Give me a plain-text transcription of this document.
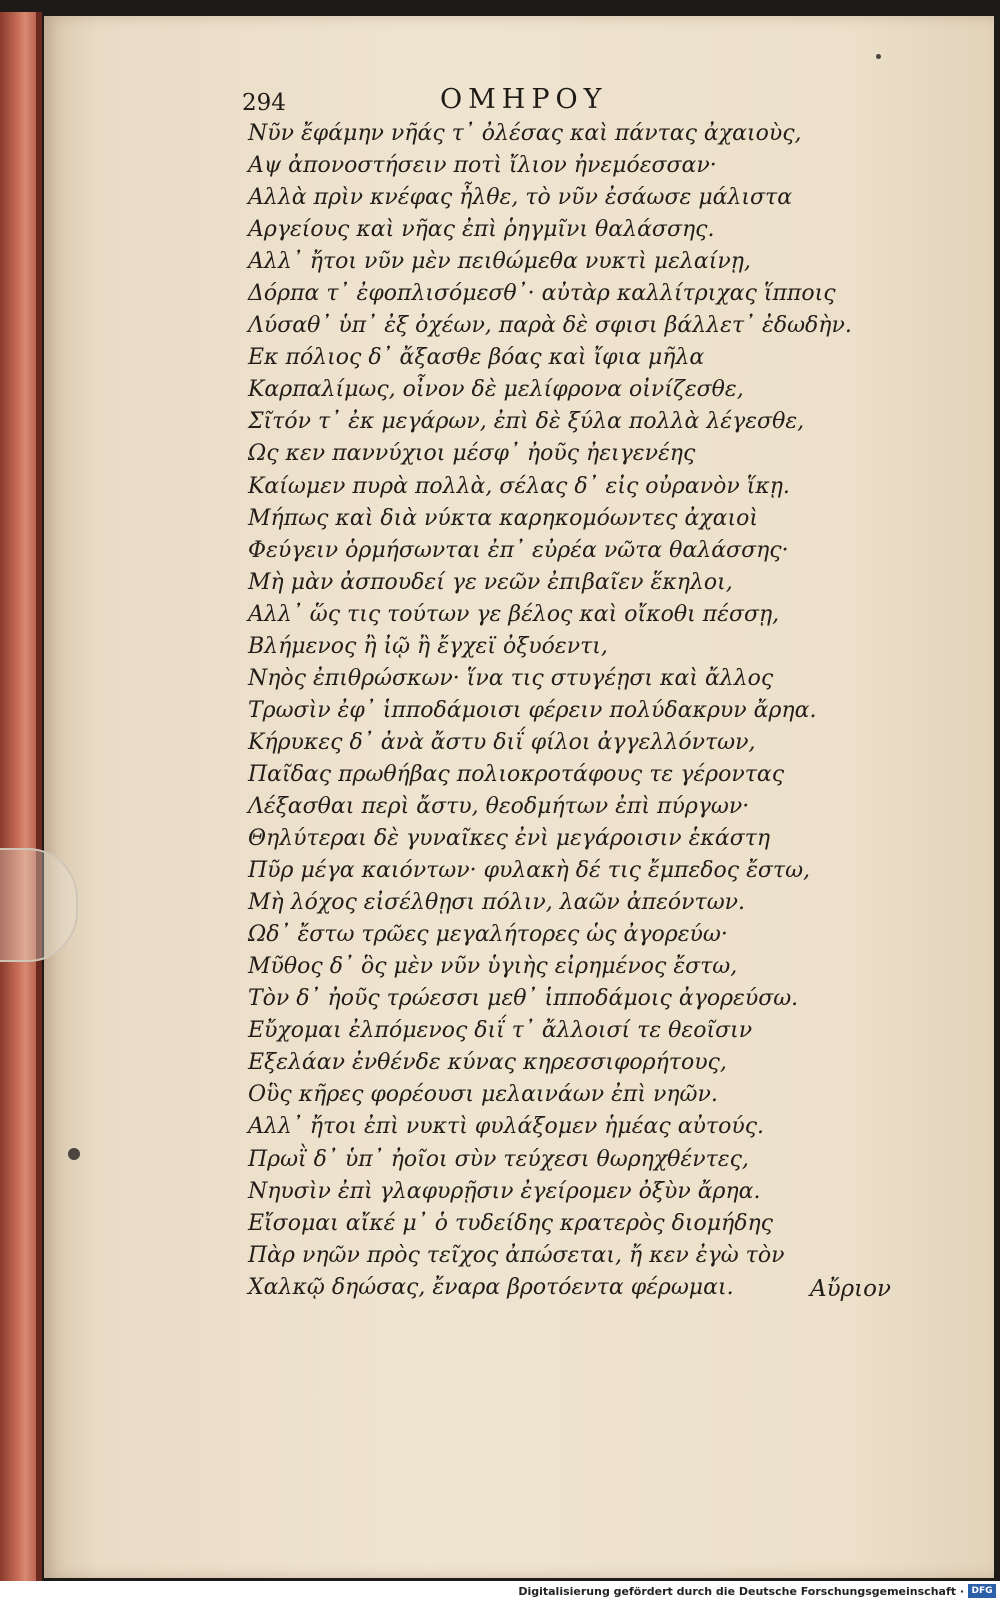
294	ΟΜΗΡΟΥ
Νῦν ἔφάμην νῆάς τ᾽ ὀλέσας καὶ πάντας ἀχαιοὺς,
Αψ ἀπονοστήσειν ποτὶ ἴλιον ἠνεμόεσσαν·
Αλλὰ πρὶν κνέφας ἦλθε, τὸ νῦν ἐσάωσε μάλιστα
Αργείους καὶ νῆας ἐπὶ ῥηγμῖνι θαλάσσης.
Αλλ᾽ ἤτοι νῦν μὲν πειθώμεθα νυκτὶ μελαίνῃ,
Δόρπα τ᾽ ἐφοπλισόμεσθ᾽· αὐτὰρ καλλίτριχας ἵπποις
Λύσαθ᾽ ὑπ᾽ ἐξ ὀχέων, παρὰ δὲ σφισι βάλλετ᾽ ἐδωδὴν.
Εκ πόλιος δ᾽ ἄξασθε βόας καὶ ἴφια μῆλα
Καρπαλίμως, οἶνον δὲ μελίφρονα οἰνίζεσθε,
Σῖτόν τ᾽ ἐκ μεγάρων, ἐπὶ δὲ ξύλα πολλὰ λέγεσθε,
Ως κεν παννύχιοι μέσφ᾽ ἠοῦς ἠειγενέης
Καίωμεν πυρὰ πολλὰ, σέλας δ᾽ εἰς οὐρανὸν ἵκῃ.
Μήπως καὶ διὰ νύκτα καρηκομόωντες ἀχαιοὶ
Φεύγειν ὁρμήσωνται ἐπ᾽ εὐρέα νῶτα θαλάσσης·
Μὴ μὰν ἀσπουδεί γε νεῶν ἐπιβαῖεν ἕκηλοι,
Αλλ᾽ ὥς τις τούτων γε βέλος καὶ οἴκοθι πέσσῃ,
Βλήμενος ἢ ἰῷ ἢ ἔγχεϊ ὀξυόεντι,
Νηὸς ἐπιθρώσκων· ἵνα τις στυγέῃσι καὶ ἄλλος
Τρωσὶν ἐφ᾽ ἱπποδάμοισι φέρειν πολύδακρυν ἄρηα.
Κήρυκες δ᾽ ἀνὰ ἄστυ διΐ φίλοι ἀγγελλόντων,
Παῖδας πρωθήβας πολιοκροτάφους τε γέροντας
Λέξασθαι περὶ ἄστυ, θεοδμήτων ἐπὶ πύργων·
Θηλύτεραι δὲ γυναῖκες ἐνὶ μεγάροισιν ἑκάστη
Πῦρ μέγα καιόντων· φυλακὴ δέ τις ἔμπεδος ἔστω,
Μὴ λόχος εἰσέλθῃσι πόλιν, λαῶν ἀπεόντων.
Ωδ᾽ ἔστω τρῶες μεγαλήτορες ὡς ἀγορεύω·
Μῦθος δ᾽ ὃς μὲν νῦν ὑγιὴς εἰρημένος ἔστω,
Τὸν δ᾽ ἠοῦς τρώεσσι μεθ᾽ ἱπποδάμοις ἀγορεύσω.
Εὔχομαι ἐλπόμενος διΐ τ᾽ ἄλλοισί τε θεοῖσιν
Εξελάαν ἐνθένδε κύνας κηρεσσιφορήτους,
Οὓς κῆρες φορέουσι μελαινάων ἐπὶ νηῶν.
Αλλ᾽ ἤτοι ἐπὶ νυκτὶ φυλάξομεν ἡμέας αὐτούς.
Πρωῒ δ᾽ ὑπ᾽ ἠοῖοι σὺν τεύχεσι θωρηχθέντες,
Νηυσὶν ἐπὶ γλαφυρῇσιν ἐγείρομεν ὀξὺν ἄρηα.
Εἴσομαι αἴκέ μ᾽ ὁ τυδείδης κρατερὸς διομήδης
Πὰρ νηῶν πρὸς τεῖχος ἀπώσεται, ἤ κεν ἐγὼ τὸν
Χαλκῷ δηώσας, ἔναρα βροτόεντα φέρωμαι.	Αὔριον
Digitalisierung gefördert durch die Deutsche Forschungsgemeinschaft · DFG
